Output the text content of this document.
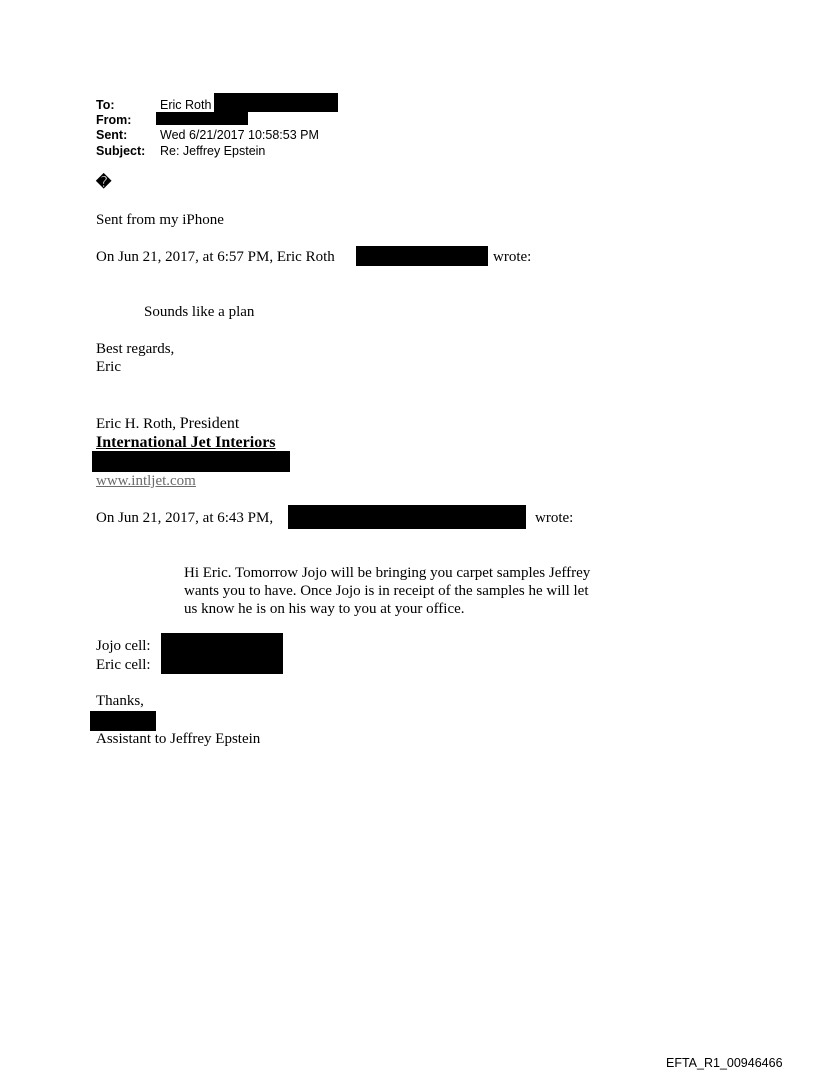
To:	Eric Roth
From:
Sent:	Wed 6/21/2017 10:58:53 PM
Subject: Re: Jeffrey Epstein
�
Sent from my iPhone
On Jun 21, 2017, at 6:57 PM, Eric Roth	wrote:
Sounds like a plan
Best regards,
Eric
Eric H. Roth, President
International Jet Interiors
www.intljet.com
On Jun 21, 2017, at 6:43 PM,	wrote:
Hi Eric. Tomorrow Jojo will be bringing you carpet samples Jeffrey
wants you to have. Once Jojo is in receipt of the samples he will let
us know he is on his way to you at your office.
Jojo cell:
Eric cell:
Thanks,
Assistant to Jeffrey Epstein
EFTA_R1_00946466
